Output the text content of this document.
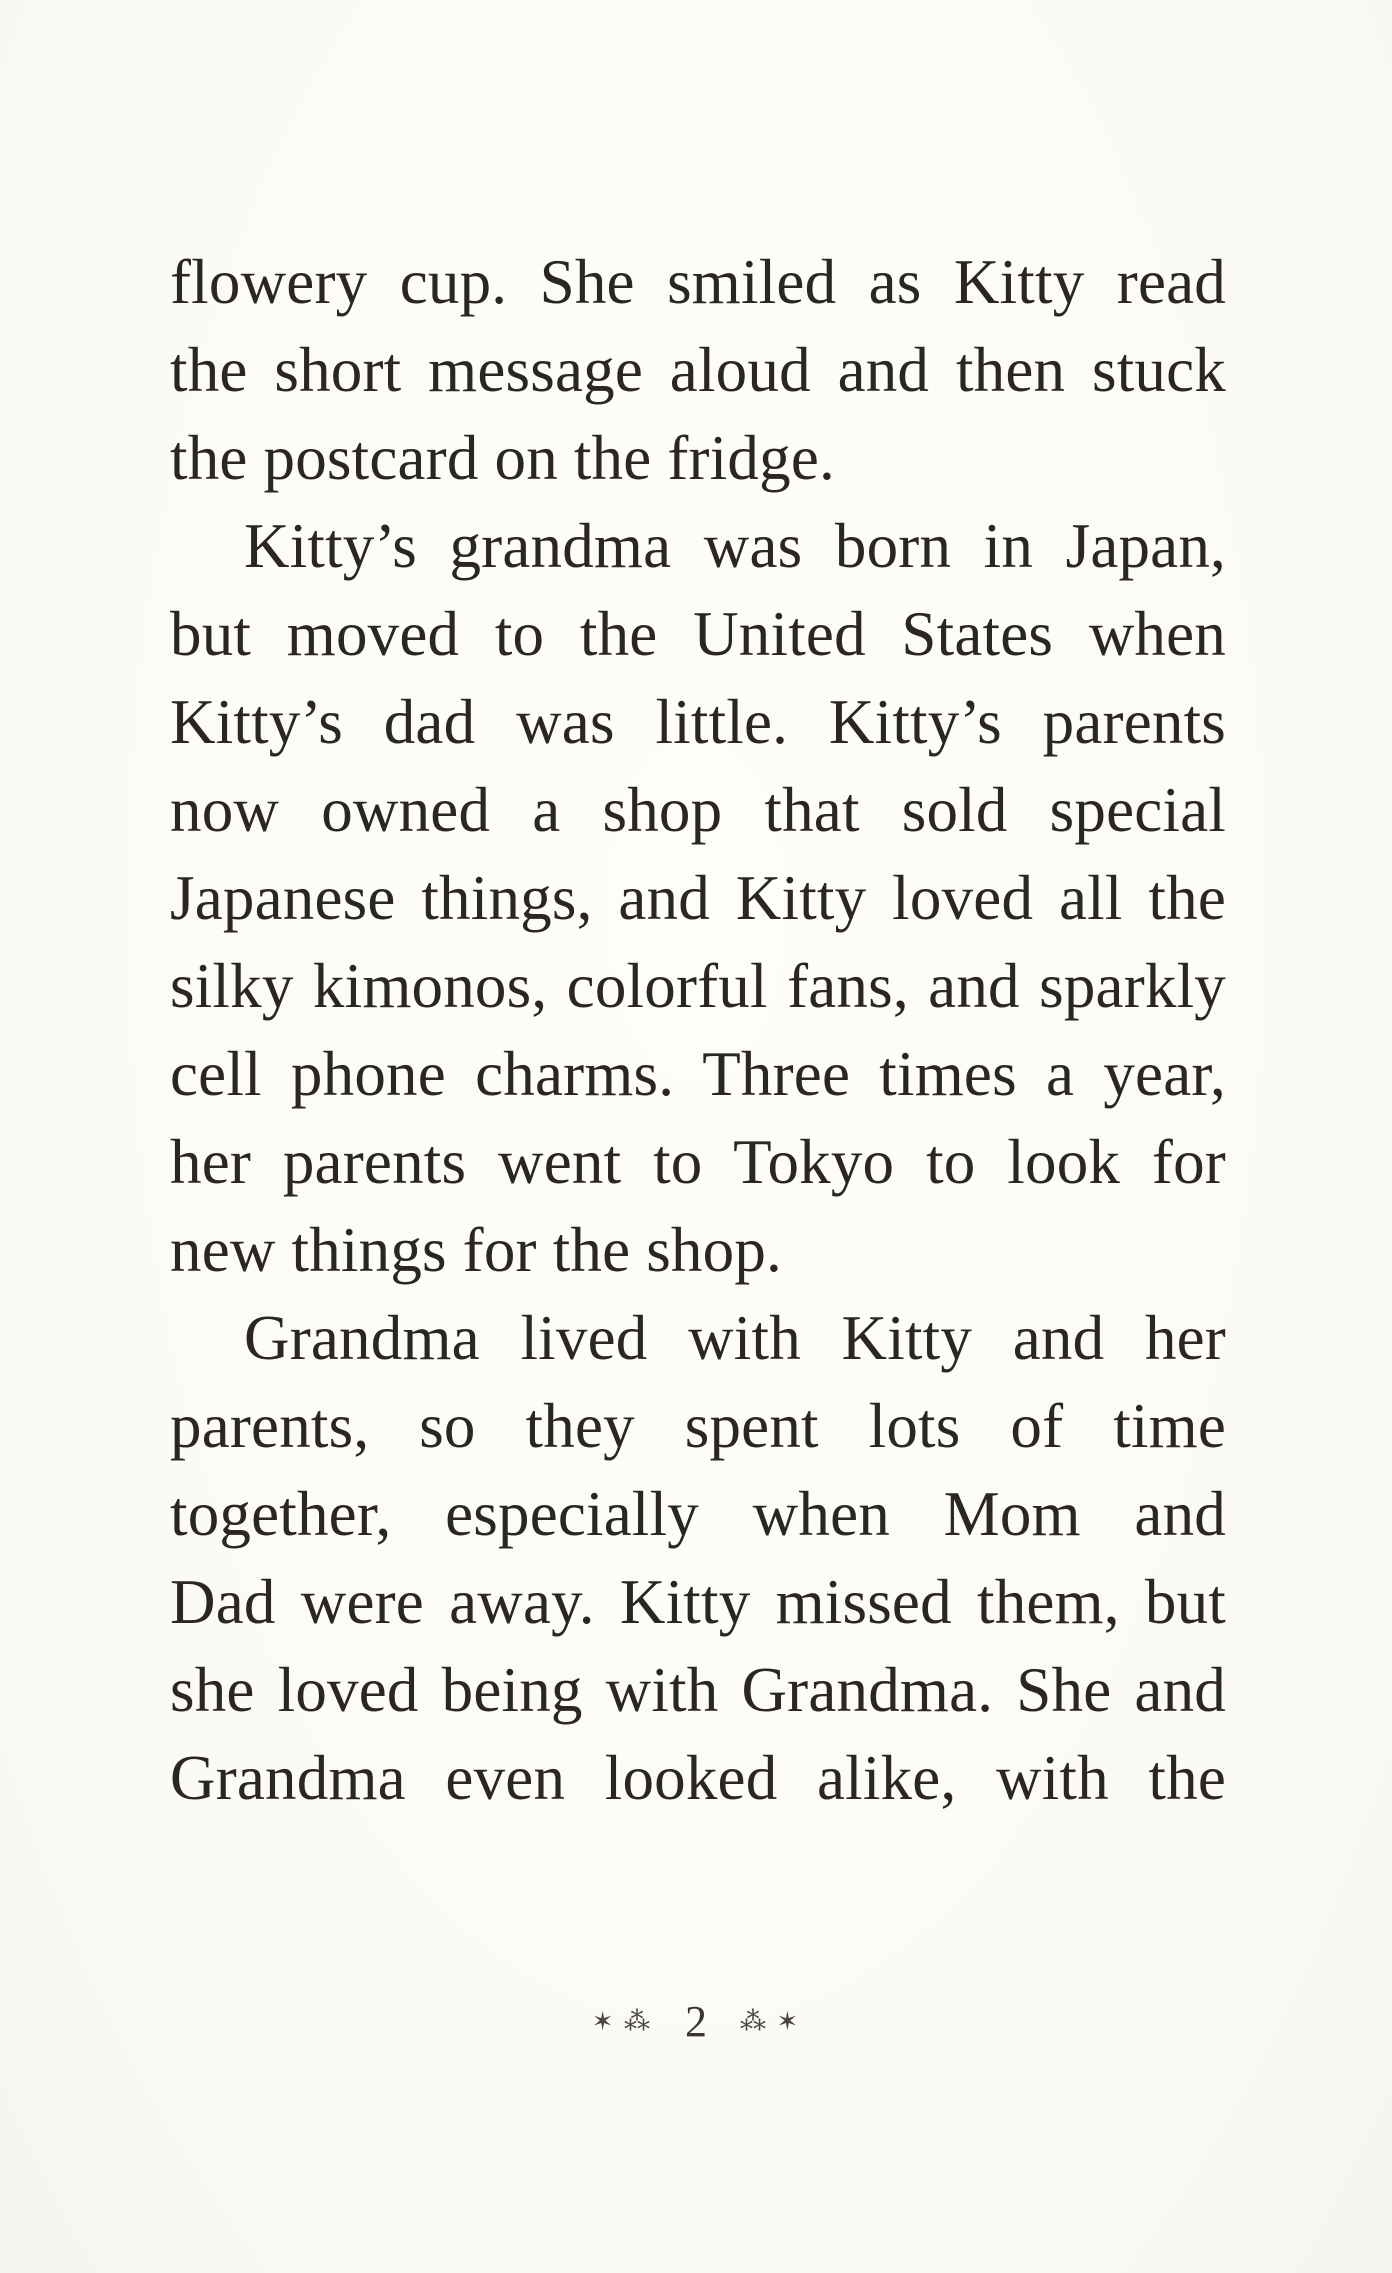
flowery cup. She smiled as Kitty read
the short message aloud and then stuck
the postcard on the fridge.
Kitty’s grandma was born in Japan,
but moved to the United States when
Kitty’s dad was little. Kitty’s parents
now owned a shop that sold special
Japanese things, and Kitty loved all the
silky kimonos, colorful fans, and sparkly
cell phone charms. Three times a year,
her parents went to Tokyo to look for
new things for the shop.
Grandma lived with Kitty and her
parents, so they spent lots of time
together, especially when Mom and
Dad were away. Kitty missed them, but
she loved being with Grandma. She and
Grandma even looked alike, with the
✶ ⁂ 2 ⁂ ✶
